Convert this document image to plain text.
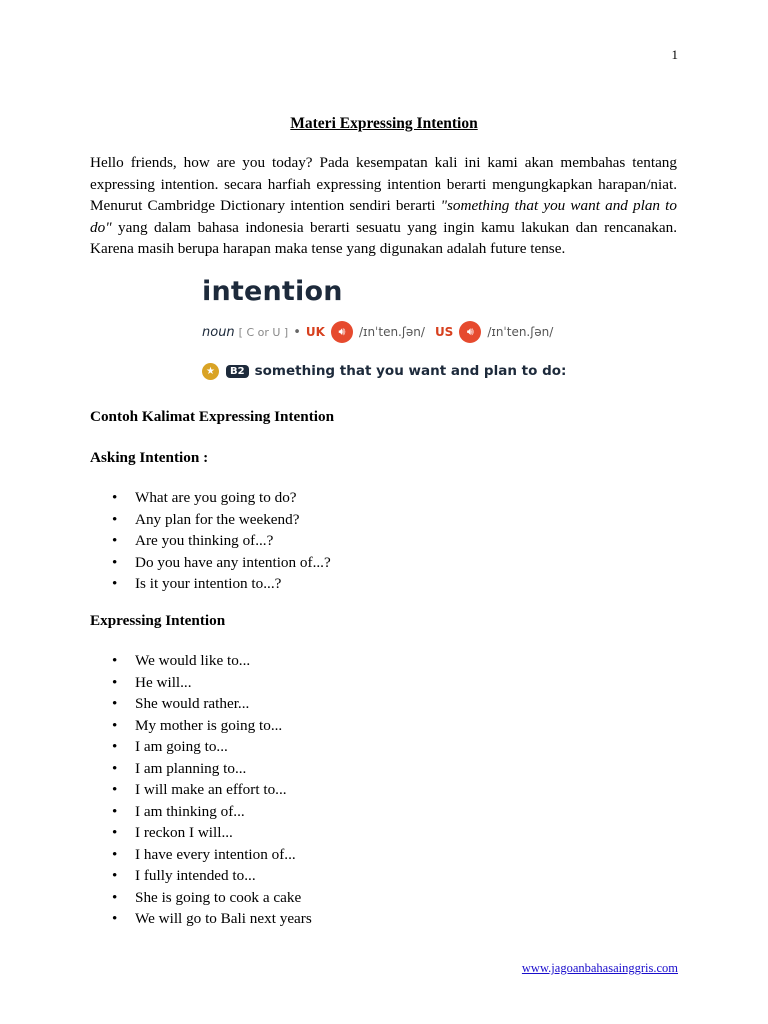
1
Materi Expressing Intention

Hello friends, how are you today? Pada kesempatan kali ini kami akan membahas tentang expressing intention. secara harfiah expressing intention berarti mengungkapkan harapan/niat. Menurut Cambridge Dictionary intention sendiri berarti "something that you want and plan to do" yang dalam bahasa indonesia berarti sesuatu yang ingin kamu lakukan dan rencanakan. Karena masih berupa harapan maka tense yang digunakan adalah future tense.

intention
noun [ C or U ] • UK	🔊︎	/ɪnˈten.ʃən/ US	🔊︎	/ɪnˈten.ʃən/
★	B2 something that you want and plan to do:
Contoh Kalimat Expressing Intention
Asking Intention :
• What are you going to do?
• Any plan for the weekend?
• Are you thinking of...?
• Do you have any intention of...?
• Is it your intention to...?
Expressing Intention
• We would like to...
• He will...
• She would rather...
• My mother is going to...
• I am going to...
• I am planning to...
• I will make an effort to...
• I am thinking of...
• I reckon I will...
• I have every intention of...
• I fully intended to...
• She is going to cook a cake
• We will go to Bali next years
www.jagoanbahasainggris.com
